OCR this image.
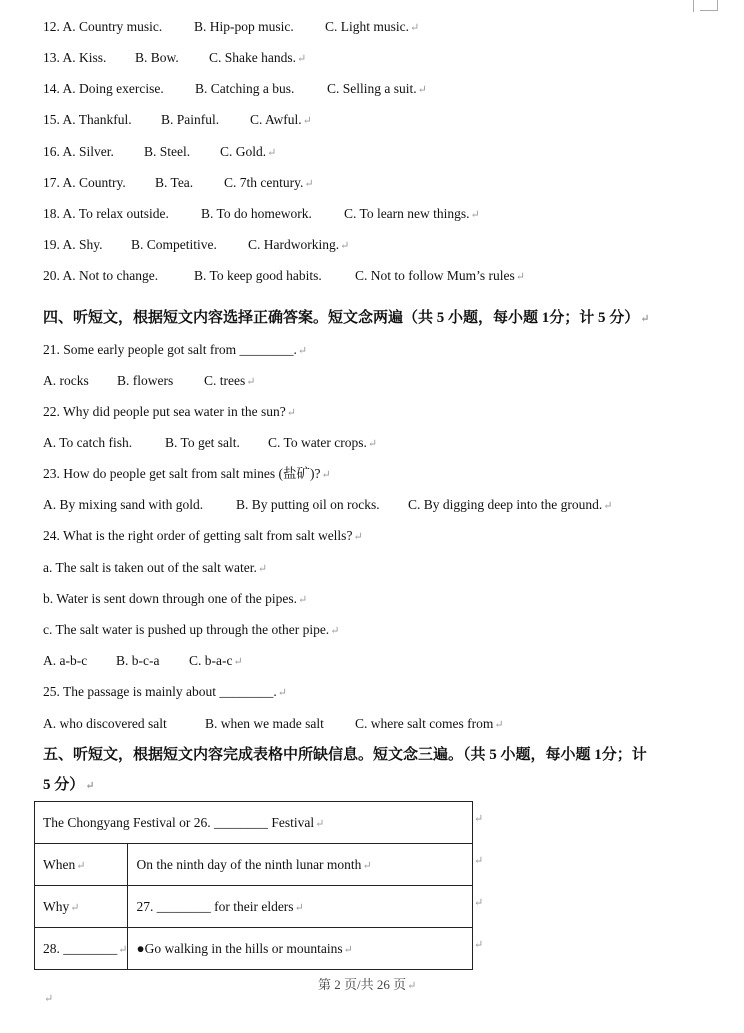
12. A. Country music. B. Hip-pop music. C. Light music.↵
13. A. Kiss. B. Bow. C. Shake hands.↵
14. A. Doing exercise. B. Catching a bus. C. Selling a suit.↵
15. A. Thankful. B. Painful. C. Awful.↵
16. A. Silver. B. Steel. C. Gold.↵
17. A. Country. B. Tea. C. 7th century.↵
18. A. To relax outside. B. To do homework. C. To learn new things.↵
19. A. Shy. B. Competitive. C. Hardworking.↵
20. A. Not to change.	B. To keep good habits. C. Not to follow Mum’s rules↵
四、听短文，根据短文内容选择正确答案。短文念两遍（共 5 小题，每小题 1分；计 5 分）↵
21. Some early people got salt from ________.↵
A. rocks B. flowers C. trees↵
22. Why did people put sea water in the sun?↵
A. To catch fish. B. To get salt. C. To water crops.↵
23. How do people get salt from salt mines (盐矿)?↵
A. By mixing sand with gold. B. By putting oil on rocks. C. By digging deep into the ground.↵
24. What is the right order of getting salt from salt wells?↵
a. The salt is taken out of the salt water.↵
b. Water is sent down through one of the pipes.↵
c. The salt water is pushed up through the other pipe.↵
A. a-b-c B. b-c-a C. b-a-c↵
25. The passage is mainly about ________.↵
A. who discovered salt	B. when we made salt C. where salt comes from↵
五、听短文，根据短文内容完成表格中所缺信息。短文念三遍。（共 5 小题，每小题 1分；计
5 分）↵
The Chongyang Festival or 26. ________ Festival↵	
When↵	On the ninth day of the ninth lunar month↵
Why↵	27. ________ for their elders↵
28. ________↵	●Go walking in the hills or mountains↵
↵
↵
↵
↵
第 2 页/共 26 页↵
↵
